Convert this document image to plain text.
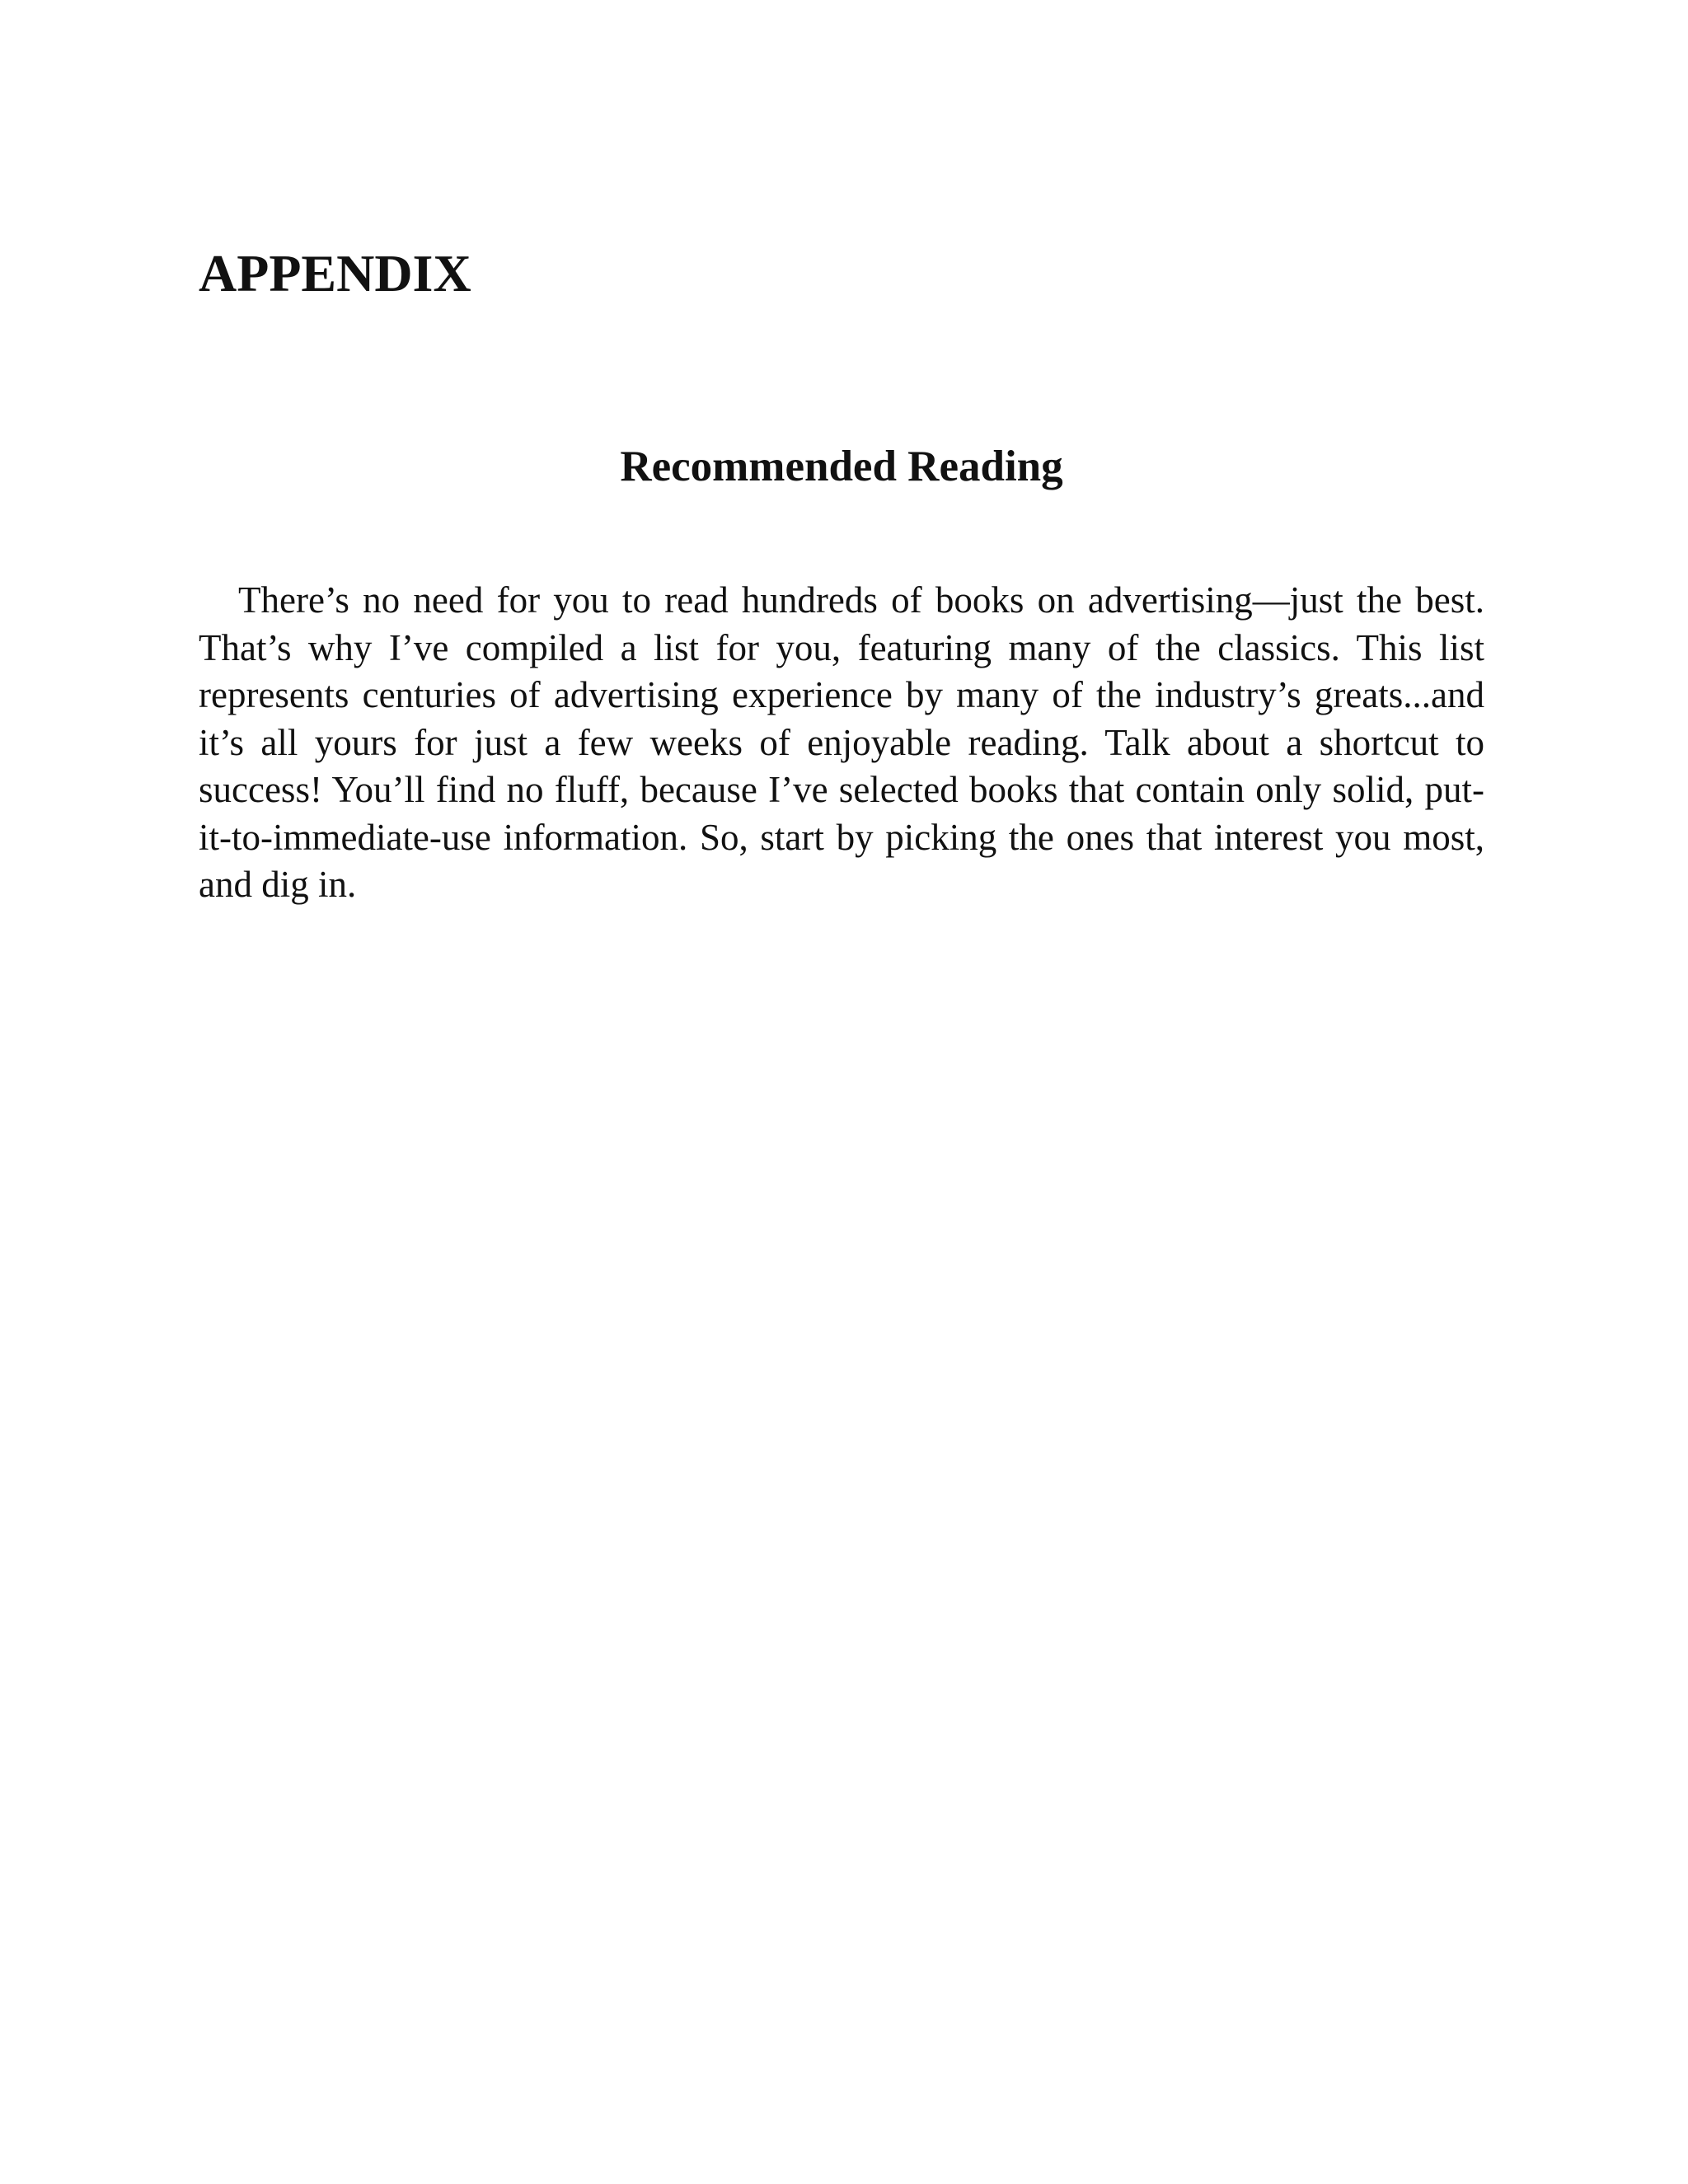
APPENDIX
Recommended Reading

There’s no need for you to read hundreds of books on advertising—just the best. That’s why I’ve compiled a list for you, featuring many of the classics. This list represents centuries of advertising experience by many of the industry’s greats...and it’s all yours for just a few weeks of enjoyable reading. Talk about a shortcut to success! You’ll find no fluff, because I’ve selected books that contain only solid, put-it-to-immediate-use information. So, start by picking the ones that interest you most, and dig in.
